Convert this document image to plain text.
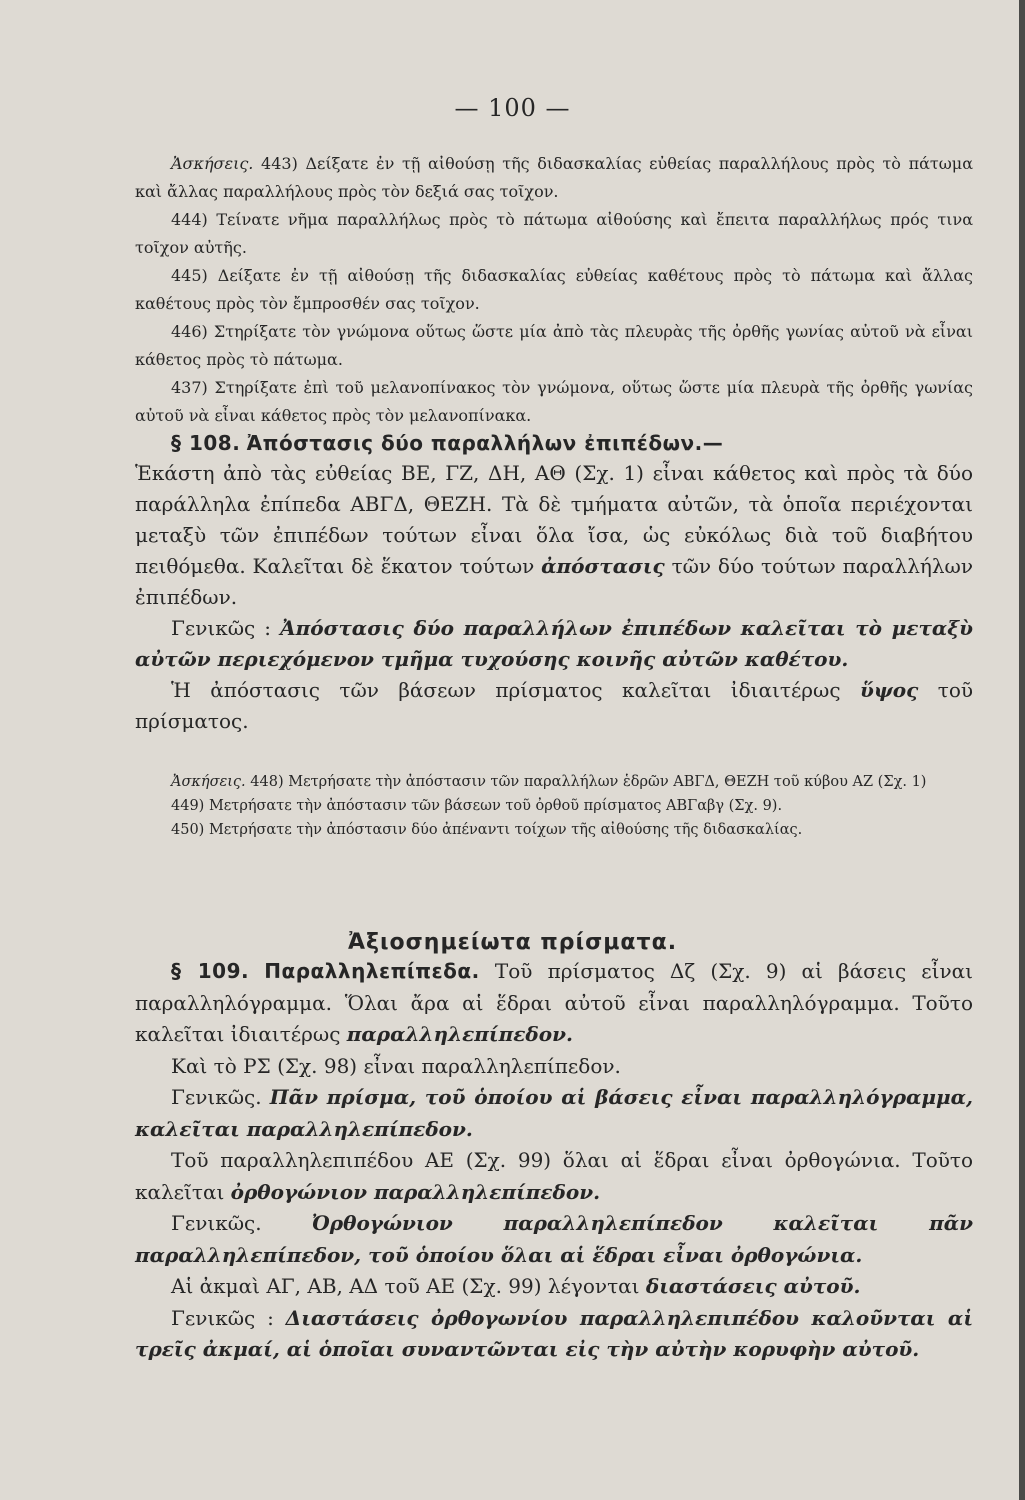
— 100 —

Ἀσκήσεις. 443) Δείξατε ἐν τῇ αἰθούσῃ τῆς διδασκαλίας εὐθείας παραλλήλους πρὸς τὸ πάτωμα καὶ ἄλλας παραλλήλους πρὸς τὸν δεξιά σας τοῖχον.

444) Τείνατε νῆμα παραλλήλως πρὸς τὸ πάτωμα αἰθούσης καὶ ἔπειτα παραλλήλως πρός τινα τοῖχον αὐτῆς.

445) Δείξατε ἐν τῇ αἰθούσῃ τῆς διδασκαλίας εὐθείας καθέτους πρὸς τὸ πάτωμα καὶ ἄλλας καθέτους πρὸς τὸν ἔμπροσθέν σας τοῖχον.

446) Στηρίξατε τὸν γνώμονα οὕτως ὥστε μία ἀπὸ τὰς πλευρὰς τῆς ὀρθῆς γωνίας αὐτοῦ νὰ εἶναι κάθετος πρὸς τὸ πάτωμα.

437) Στηρίξατε ἐπὶ τοῦ μελανοπίνακος τὸν γνώμονα, οὕτως ὥστε μία πλευρὰ τῆς ὀρθῆς γωνίας αὐτοῦ νὰ εἶναι κάθετος πρὸς τὸν μελανοπίνακα.

§ 108. Ἀπόστασις δύο παραλλήλων ἐπιπέδων.—

Ἑκάστη ἀπὸ τὰς εὐθείας ΒΕ, ΓΖ, ΔΗ, ΑΘ (Σχ. 1) εἶναι κάθετος καὶ πρὸς τὰ δύο παράλληλα ἐπίπεδα ΑΒΓΔ, ΘΕΖΗ. Τὰ δὲ τμήματα αὐτῶν, τὰ ὁποῖα περιέχονται μεταξὺ τῶν ἐπιπέδων τούτων εἶναι ὅλα ἴσα, ὡς εὐκόλως διὰ τοῦ διαβήτου πειθόμεθα. Καλεῖται δὲ ἕκατον τούτων ἀπόστασις τῶν δύο τούτων παραλλήλων ἐπιπέδων.

Γενικῶς : Ἀπόστασις δύο παραλλήλων ἐπιπέδων καλεῖται τὸ μεταξὺ αὐτῶν περιεχόμενον τμῆμα τυχούσης κοινῆς αὐτῶν καθέτου.

Ἡ ἀπόστασις τῶν βάσεων πρίσματος καλεῖται ἰδιαιτέρως ὕψος τοῦ πρίσματος.

Ἀσκήσεις. 448) Μετρήσατε τὴν ἀπόστασιν τῶν παραλλήλων ἑδρῶν ΑΒΓΔ, ΘΕΖΗ τοῦ κύβου ΑΖ (Σχ. 1)

449) Μετρήσατε τὴν ἀπόστασιν τῶν βάσεων τοῦ ὀρθοῦ πρίσματος ΑΒΓαβγ (Σχ. 9).

450) Μετρήσατε τὴν ἀπόστασιν δύο ἀπέναντι τοίχων τῆς αἰθούσης τῆς διδασκαλίας.

Ἀξιοσημείωτα πρίσματα.

§ 109. Παραλληλεπίπεδα. Τοῦ πρίσματος Δζ (Σχ. 9) αἱ βάσεις εἶναι παραλληλόγραμμα. Ὅλαι ἄρα αἱ ἕδραι αὐτοῦ εἶναι παραλληλόγραμμα. Τοῦτο καλεῖται ἰδιαιτέρως παραλληλεπίπεδον.

Καὶ τὸ ΡΣ (Σχ. 98) εἶναι παραλληλεπίπεδον.

Γενικῶς. Πᾶν πρίσμα, τοῦ ὁποίου αἱ βάσεις εἶναι παραλληλόγραμμα, καλεῖται παραλληλεπίπεδον.

Τοῦ παραλληλεπιπέδου ΑΕ (Σχ. 99) ὅλαι αἱ ἕδραι εἶναι ὀρθογώνια. Τοῦτο καλεῖται ὀρθογώνιον παραλληλεπίπεδον.

Γενικῶς.	Ὀρθογώνιον παραλληλεπίπεδον καλεῖται πᾶν παραλληλεπίπεδον, τοῦ ὁποίου ὅλαι αἱ ἕδραι εἶναι ὀρθογώνια.

Αἱ ἀκμαὶ ΑΓ, ΑΒ, ΑΔ τοῦ ΑΕ (Σχ. 99) λέγονται διαστάσεις αὐτοῦ.

Γενικῶς : Διαστάσεις ὀρθογωνίου παραλληλεπιπέδου καλοῦνται αἱ τρεῖς ἀκμαί, αἱ ὁποῖαι συναντῶνται εἰς τὴν αὐτὴν κορυφὴν αὐτοῦ.
